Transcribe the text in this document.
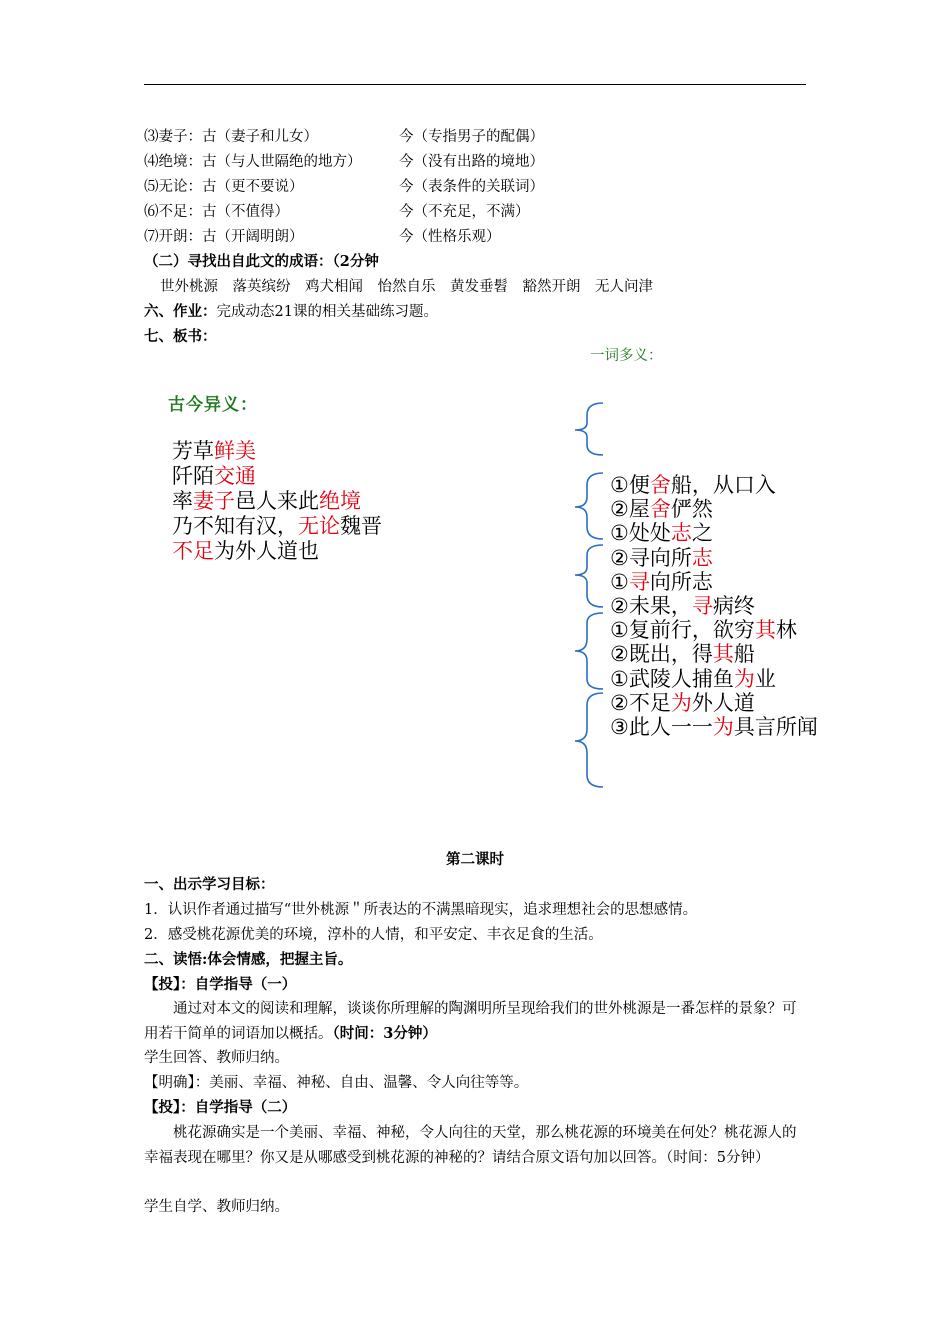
⑶妻子：古（妻子和儿女）	今（专指男子的配偶）
⑷绝境：古（与人世隔绝的地方）	今（没有出路的境地）
⑸无论：古（更不要说）	今（表条件的关联词）
⑹不足：古（不值得）	今（不充足，不满）
⑺开朗：古（开阔明朗）	今（性格乐观）
（二）寻找出自此文的成语：（2分钟
世外桃源　落英缤纷　鸡犬相闻　怡然自乐　黄发垂髫　豁然开朗　无人问津
六、作业：完成动态21课的相关基础练习题。
七、板书：
一词多义：
古今异义：
芳草鲜美
阡陌交通
率妻子邑人来此绝境
乃不知有汉，无论魏晋
不足为外人道也
①便舍船，从口入
②屋舍俨然
①处处志之
②寻向所志
①寻向所志
②未果，寻病终
①复前行，欲穷其林
②既出，得其船
①武陵人捕鱼为业
②不足为外人道
③此人一一为具言所闻
第二课时
一、出示学习目标：
1．认识作者通过描写“世外桃源＂所表达的不满黑暗现实，追求理想社会的思想感情。
2．感受桃花源优美的环境，淳朴的人情，和平安定、丰衣足食的生活。
二、读悟:体会情感，把握主旨。
【投】：自学指导（一）
通过对本文的阅读和理解，谈谈你所理解的陶渊明所呈现给我们的世外桃源是一番怎样的景象？可用若干简单的词语加以概括。（时间：3分钟）
学生回答、教师归纳。
【明确】：美丽、幸福、神秘、自由、温馨、令人向往等等。
【投】：自学指导（二）
桃花源确实是一个美丽、幸福、神秘，令人向往的天堂，那么桃花源的环境美在何处？桃花源人的幸福表现在哪里？你又是从哪感受到桃花源的神秘的？请结合原文语句加以回答。（时间：5分钟）
学生自学、教师归纳。
